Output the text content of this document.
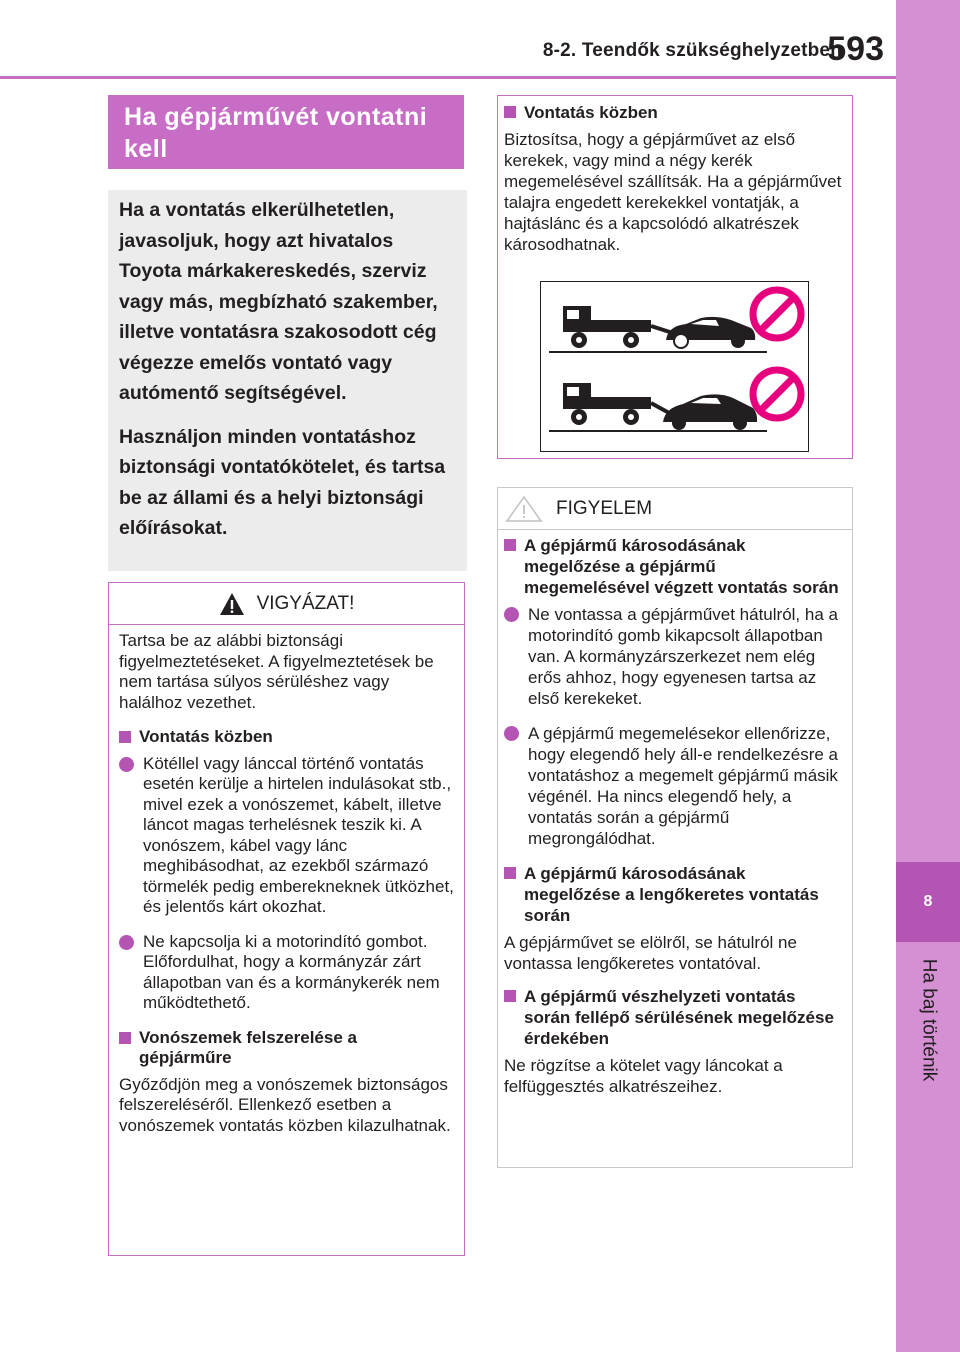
8-2. Teendők szükséghelyzetben
593
8
Ha baj történik
Ha gépjárművét vontatni
kell

Ha a vontatás elkerülhetetlen, javasoljuk, hogy azt hivatalos Toyota márkakereskedés, szerviz vagy más, megbízható szakember, illetve vontatásra szakosodott cég végezze emelős vontató vagy autómentő segítségével.

Használjon minden vontatáshoz biztonsági vontatókötelet, és tartsa be az állami és a helyi biztonsági előírásokat.

VIGYÁZAT!

Tartsa be az alábbi biztonsági figyelmeztetéseket. A figyelmeztetések be nem tartása súlyos sérüléshez vagy halálhoz vezethet.

Vontatás közben
Kötéllel vagy lánccal történő vontatás esetén kerülje a hirtelen indulásokat stb., mivel ezek a vonószemet, kábelt, illetve láncot magas terhelésnek teszik ki. A vonószem, kábel vagy lánc meghibásodhat, az ezekből származó törmelék pedig emberekneknek ütközhet, és jelentős kárt okozhat.
Ne kapcsolja ki a motorindító gombot. Előfordulhat, hogy a kormányzár zárt állapotban van és a kormánykerék nem működtethető.
Vonószemek felszerelése a gépjárműre

Győződjön meg a vonószemek biztonságos felszereléséről. Ellenkező esetben a vonószemek vontatás közben kilazulhatnak.

Vontatás közben
Biztosítsa, hogy a gépjárművet az első kerekek, vagy mind a négy kerék megemelésével szállítsák. Ha a gépjárművet talajra engedett kerekekkel vontatják, a hajtáslánc és a kapcsolódó alkatrészek károsodhatnak.
FIGYELEM
A gépjármű károsodásának megelőzése a gépjármű megemelésével végzett vontatás során
Ne vontassa a gépjárművet hátulról, ha a motorindító gomb kikapcsolt állapotban van. A kormányzárszerkezet nem elég erős ahhoz, hogy egyenesen tartsa az első kerekeket.
A gépjármű megemelésekor ellenőrizze, hogy elegendő hely áll-e rendelkezésre a vontatáshoz a megemelt gépjármű másik végénél. Ha nincs elegendő hely, a vontatás során a gépjármű megrongálódhat.
A gépjármű károsodásának megelőzése a lengőkeretes vontatás során

A gépjárművet se elölről, se hátulról ne vontassa lengőkeretes vontatóval.

A gépjármű vészhelyzeti vontatás során fellépő sérülésének megelőzése érdekében

Ne rögzítse a kötelet vagy láncokat a felfüggesztés alkatrészeihez.
